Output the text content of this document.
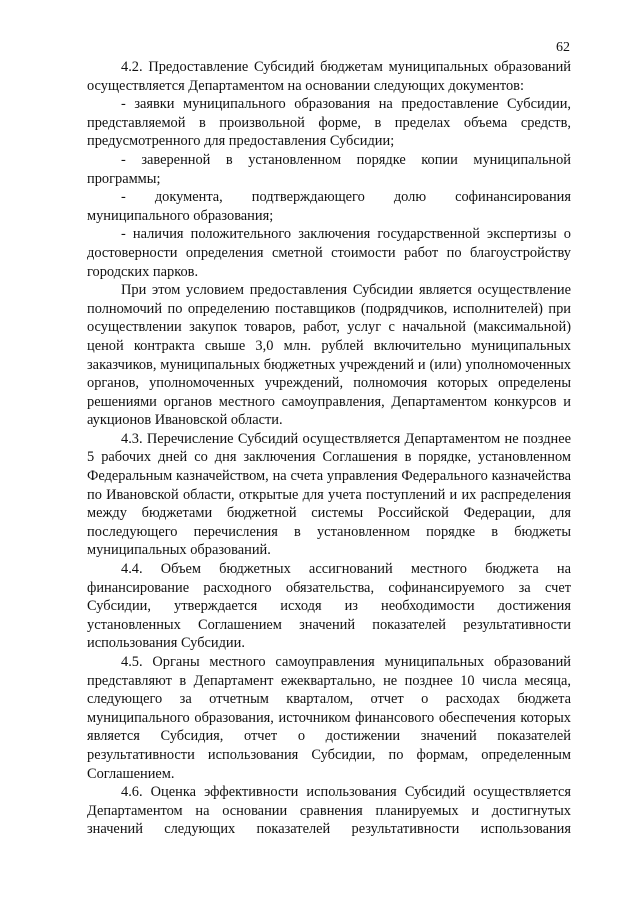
62

4.2. Предоставление Субсидий бюджетам муниципальных образований осуществляется Департаментом на основании следующих документов:

- заявки муниципального образования на предоставление Субсидии, представляемой в произвольной форме, в пределах объема средств, предусмотренного для предоставления Субсидии;

- заверенной в установленном порядке копии муниципальной программы;

- документа, подтверждающего долю софинансирования муниципального образования;

- наличия положительного заключения государственной экспертизы о достоверности определения сметной стоимости работ по благоустройству городских парков.

При этом условием предоставления Субсидии является осуществление полномочий по определению поставщиков (подрядчиков, исполнителей) при осуществлении закупок товаров, работ, услуг с начальной (максимальной) ценой контракта свыше 3,0 млн. рублей включительно муниципальных заказчиков, муниципальных бюджетных учреждений и (или) уполномоченных органов, уполномоченных учреждений, полномочия которых определены решениями органов местного самоуправления, Департаментом конкурсов и аукционов Ивановской области.

4.3. Перечисление Субсидий осуществляется Департаментом не позднее 5 рабочих дней со дня заключения Соглашения в порядке, установленном Федеральным казначейством, на счета управления Федерального казначейства по Ивановской области, открытые для учета поступлений и их распределения между бюджетами бюджетной системы Российской Федерации, для последующего перечисления в установленном порядке в бюджеты муниципальных образований.

4.4. Объем бюджетных ассигнований местного бюджета на финансирование расходного обязательства, софинансируемого за счет Субсидии, утверждается исходя из необходимости достижения установленных Соглашением значений показателей результативности использования Субсидии.

4.5. Органы местного самоуправления муниципальных образований представляют в Департамент ежеквартально, не позднее 10 числа месяца, следующего за отчетным кварталом, отчет о расходах бюджета муниципального образования, источником финансового обеспечения которых является Субсидия, отчет о достижении значений показателей результативности использования Субсидии, по формам, определенным Соглашением.

4.6. Оценка эффективности использования Субсидий осуществляется Департаментом на основании сравнения планируемых и достигнутых значений следующих показателей результативности использования
